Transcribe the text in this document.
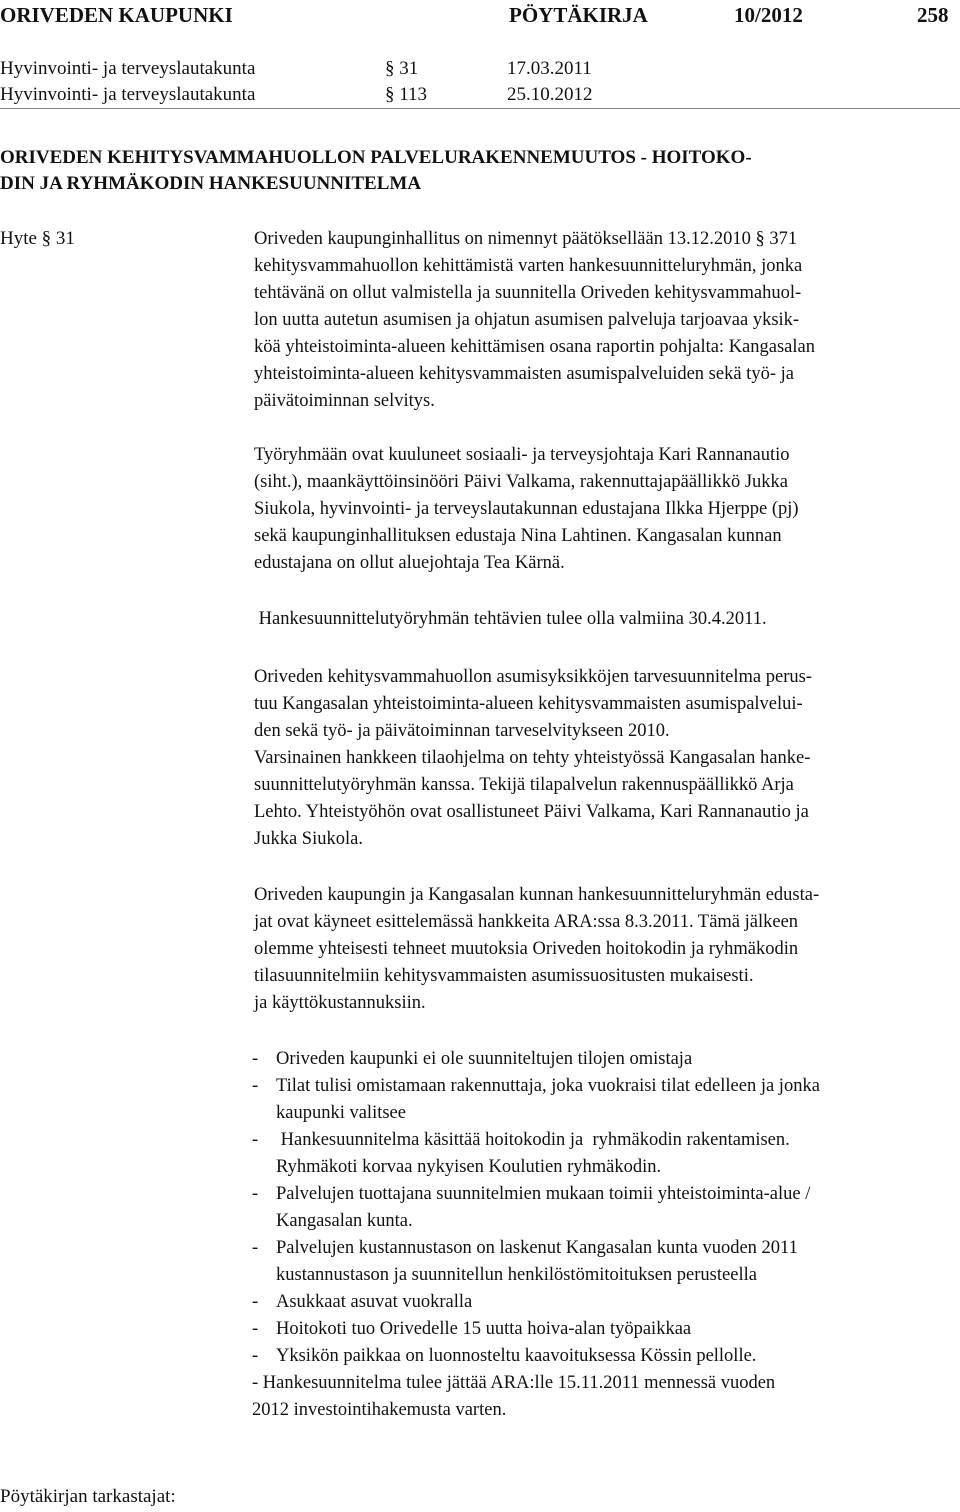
ORIVEDEN KAUPUNKI	PÖYTÄKIRJA	10/2012	258
Hyvinvointi- ja terveyslautakunta	§ 31	17.03.2011
Hyvinvointi- ja terveyslautakunta	§ 113	25.10.2012
ORIVEDEN KEHITYSVAMMAHUOLLON PALVELURAKENNEMUUTOS - HOITOKO-
DIN JA RYHMÄKODIN HANKESUUNNITELMA
Hyte § 31	Oriveden kaupunginhallitus on nimennyt päätöksellään 13.12.2010 § 371

kehitysvammahuollon kehittämistä varten hankesuunnitteluryhmän, jonka

tehtävänä on ollut valmistella ja suunnitella Oriveden kehitysvammahuol-

lon uutta autetun asumisen ja ohjatun asumisen palveluja tarjoavaa yksik-

köä yhteistoiminta-alueen kehittämisen osana raportin pohjalta: Kangasalan

yhteistoiminta-alueen kehitysvammaisten asumispalveluiden sekä työ- ja

päivätoiminnan selvitys.

Työryhmään ovat kuuluneet sosiaali- ja terveysjohtaja Kari Rannanautio

(siht.), maankäyttöinsinööri Päivi Valkama, rakennuttajapäällikkö Jukka

Siukola, hyvinvointi- ja terveyslautakunnan edustajana Ilkka Hjerppe (pj)

sekä kaupunginhallituksen edustaja Nina Lahtinen. Kangasalan kunnan

edustajana on ollut aluejohtaja Tea Kärnä.

Hankesuunnittelutyöryhmän tehtävien tulee olla valmiina 30.4.2011.

Oriveden kehitysvammahuollon asumisyksikköjen tarvesuunnitelma perus-

tuu Kangasalan yhteistoiminta-alueen kehitysvammaisten asumispalvelui-

den sekä työ- ja päivätoiminnan tarveselvitykseen 2010.

Varsinainen hankkeen tilaohjelma on tehty yhteistyössä Kangasalan hanke-

suunnittelutyöryhmän kanssa. Tekijä tilapalvelun rakennuspäällikkö Arja

Lehto. Yhteistyöhön ovat osallistuneet Päivi Valkama, Kari Rannanautio ja

Jukka Siukola.

Oriveden kaupungin ja Kangasalan kunnan hankesuunnitteluryhmän edusta-

jat ovat käyneet esittelemässä hankkeita ARA:ssa 8.3.2011. Tämä jälkeen

olemme yhteisesti tehneet muutoksia Oriveden hoitokodin ja ryhmäkodin

tilasuunnitelmiin kehitysvammaisten asumissuositusten mukaisesti.

ja käyttökustannuksiin.

- Oriveden kaupunki ei ole suunniteltujen tilojen omistaja
- Tilat tulisi omistamaan rakennuttaja, joka vuokraisi tilat edelleen ja jonka
kaupunki valitsee
- Hankesuunnitelma käsittää hoitokodin ja  ryhmäkodin rakentamisen.
Ryhmäkoti korvaa nykyisen Koulutien ryhmäkodin.
- Palvelujen tuottajana suunnitelmien mukaan toimii yhteistoiminta-alue /
Kangasalan kunta.
- Palvelujen kustannustason on laskenut Kangasalan kunta vuoden 2011
kustannustason ja suunnitellun henkilöstömitoituksen perusteella
- Asukkaat asuvat vuokralla
- Hoitokoti tuo Orivedelle 15 uutta hoiva-alan työpaikkaa
- Yksikön paikkaa on luonnosteltu kaavoituksessa Kössin pellolle.
- Hankesuunnitelma tulee jättää ARA:lle 15.11.2011 mennessä vuoden
2012 investointihakemusta varten.
Pöytäkirjan tarkastajat:
